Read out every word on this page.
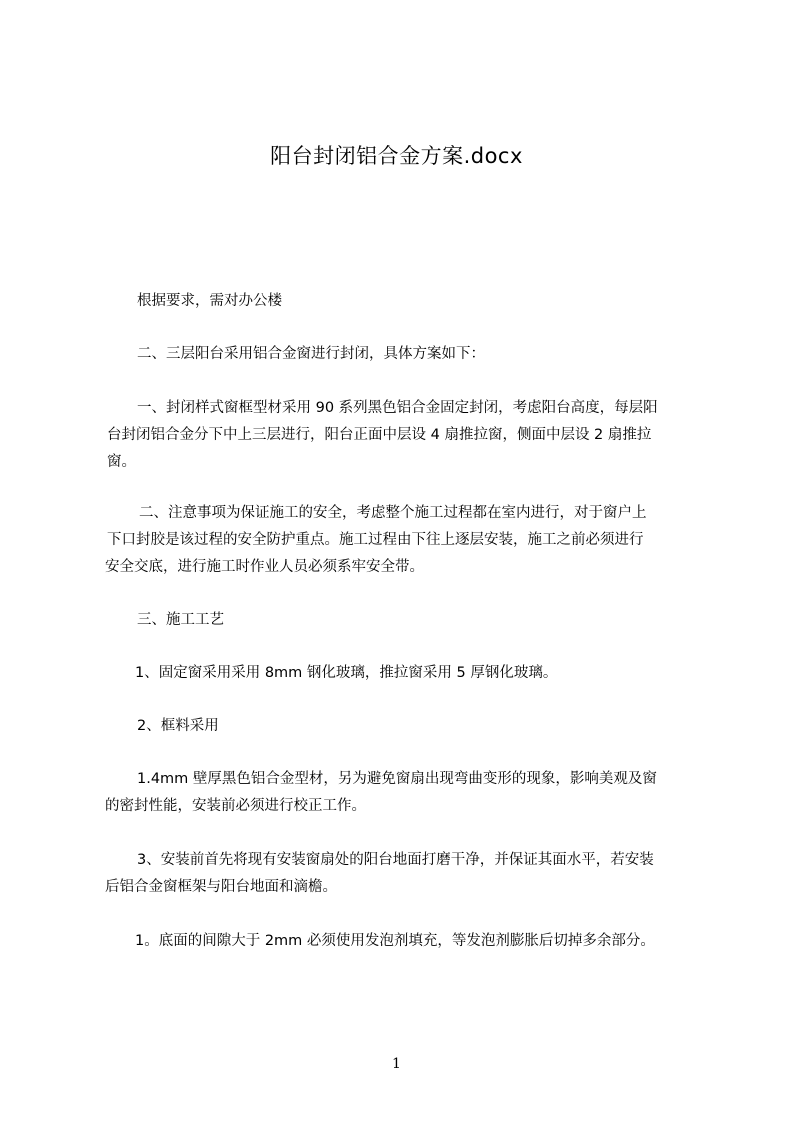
阳台封闭铝合金方案.docx
根据要求，需对办公楼
二、三层阳台采用铝合金窗进行封闭，具体方案如下：
一、封闭样式窗框型材采用 90 系列黑色铝合金固定封闭，考虑阳台高度，每层阳
台封闭铝合金分下中上三层进行，阳台正面中层设 4 扇推拉窗，侧面中层设 2 扇推拉
窗。
二、注意事项为保证施工的安全，考虑整个施工过程都在室内进行，对于窗户上
下口封胶是该过程的安全防护重点。施工过程由下往上逐层安装，施工之前必须进行
安全交底，进行施工时作业人员必须系牢安全带。
三、施工工艺
1、固定窗采用采用 8mm 钢化玻璃，推拉窗采用 5 厚钢化玻璃。
2、框料采用
1.4mm 壁厚黑色铝合金型材，另为避免窗扇出现弯曲变形的现象，影响美观及窗
的密封性能，安装前必须进行校正工作。
3、安装前首先将现有安装窗扇处的阳台地面打磨干净，并保证其面水平，若安装
后铝合金窗框架与阳台地面和滴檐。
1。底面的间隙大于 2mm 必须使用发泡剂填充，等发泡剂膨胀后切掉多余部分。
1
